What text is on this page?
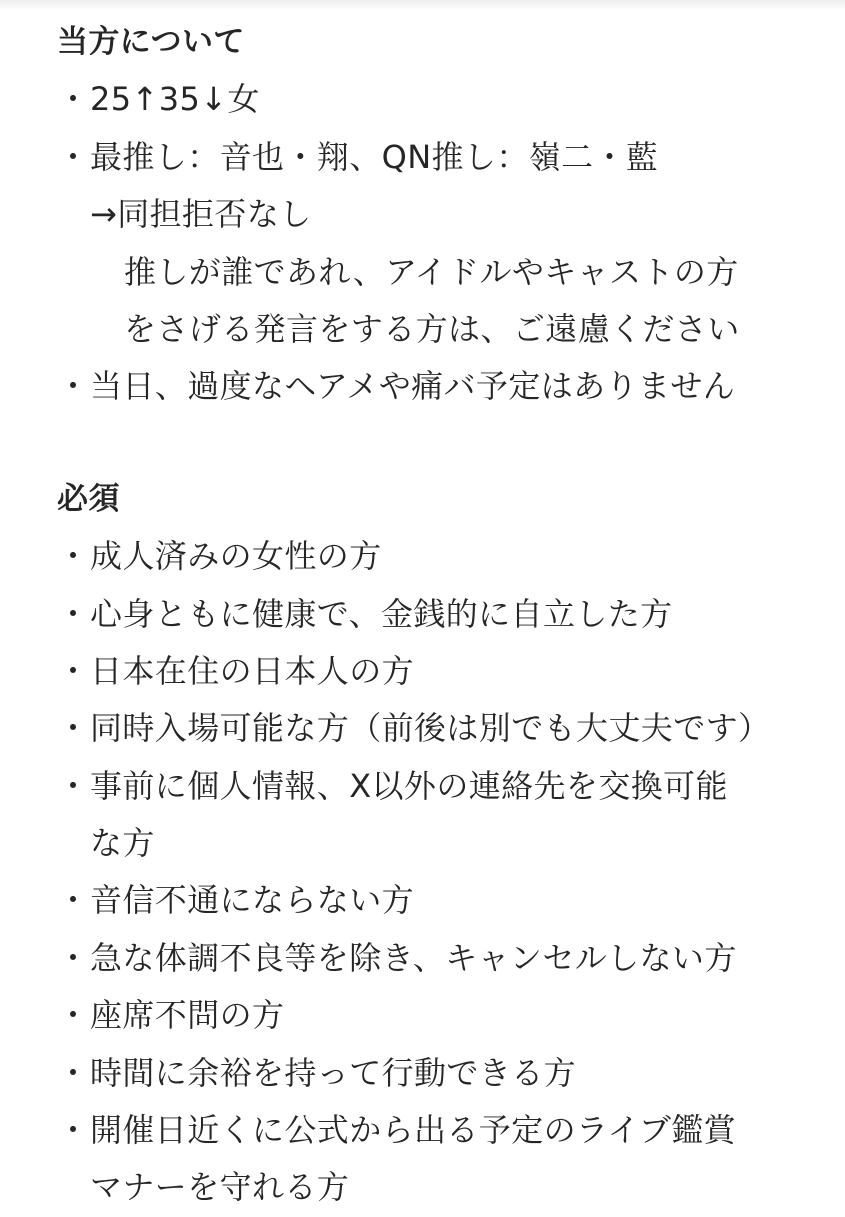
当方について
・25↑35↓女
・最推し：音也・翔、QN推し：嶺二・藍
→同担拒否なし
推しが誰であれ、アイドルやキャストの方
をさげる発言をする方は、ご遠慮ください
・当日、過度なヘアメや痛バ予定はありません
必須
・成人済みの女性の方
・心身ともに健康で、金銭的に自立した方
・日本在住の日本人の方
・同時入場可能な方（前後は別でも大丈夫です）
・事前に個人情報、X以外の連絡先を交換可能
な方
・音信不通にならない方
・急な体調不良等を除き、キャンセルしない方
・座席不問の方
・時間に余裕を持って行動できる方
・開催日近くに公式から出る予定のライブ鑑賞
マナーを守れる方
